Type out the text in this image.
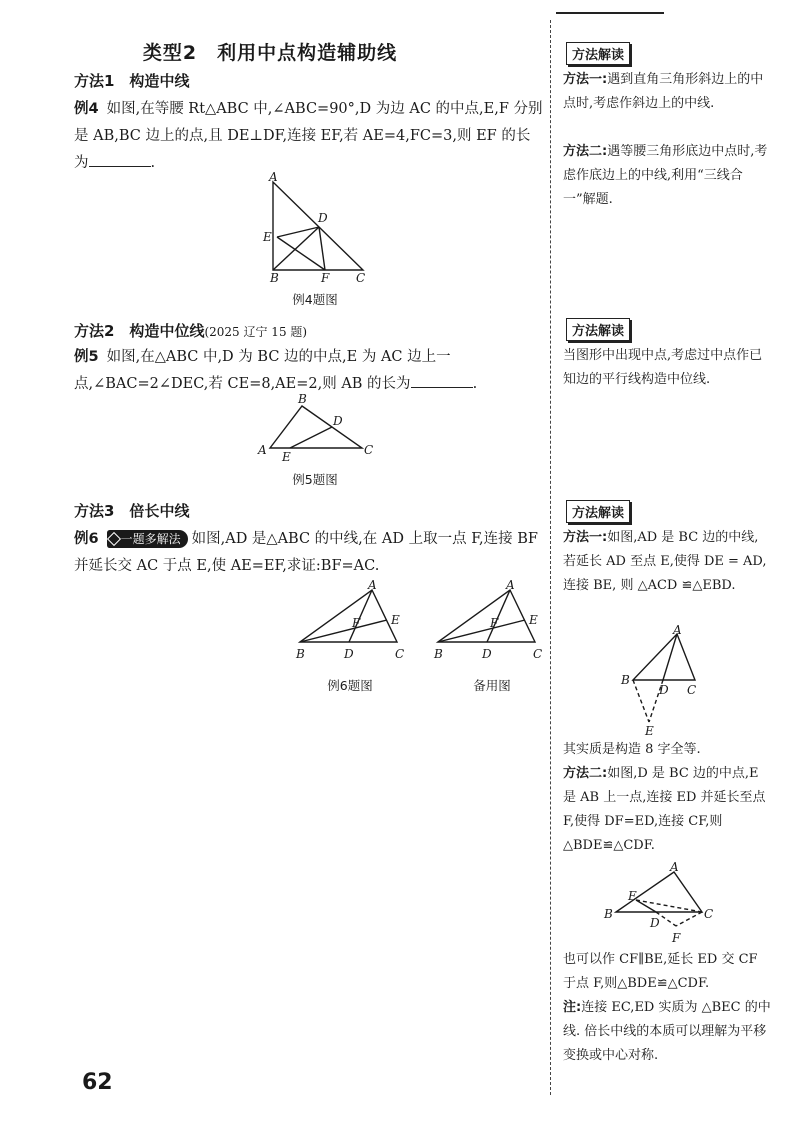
类型2　利用中点构造辅助线
方法1　构造中线
例4 如图,在等腰 Rt△ABC 中,∠ABC=90°,D 为边 AC 的中点,E,F 分别是 AB,BC 边上的点,且 DE⊥DF,连接 EF,若 AE=4,FC=3,则 EF 的长为	.
A
E
D
B	F C
例4题图
方法2　构造中位线(2025 辽宁 15 题)
例5 如图,在△ABC 中,D 为 BC 边的中点,E 为 AC 边上一点,∠BAC=2∠DEC,若 CE=8,AE=2,则 AB 的长为	.
B
D
A	C
E
例5题图
方法3　倍长中线
例6 一题多解法 如图,AD 是△ABC 的中线,在 AD 上取一点 F,连接 BF 并延长交 AC 于点 E,使 AE=EF,求证:BF=AC.
A
F	E
B	D	C
A
F	E
B	D	C
例6题图	备用图
方法解读
方法一:遇到直角三角形斜边上的中点时,考虑作斜边上的中线.
方法二:遇等腰三角形底边中点时,考虑作底边上的中线,利用“三线合一”解题.
方法解读
当图形中出现中点,考虑过中点作已知边的平行线构造中位线.
方法解读
方法一:如图,AD 是 BC 边的中线,若延长 AD 至点 E,使得 DE = AD, 连接 BE, 则 △ACD ≌△EBD.
A
B
D C
E
其实质是构造 8 字全等.
方法二:如图,D 是 BC 边的中点,E 是 AB 上一点,连接 ED 并延长至点 F,使得 DF=ED,连接 CF,则△BDE≌△CDF.
A
E
B
D
C
F
也可以作 CF∥BE,延长 ED 交 CF 于点 F,则△BDE≌△CDF.
注:连接 EC,ED 实质为 △BEC 的中线. 倍长中线的本质可以理解为平移变换或中心对称.
62
